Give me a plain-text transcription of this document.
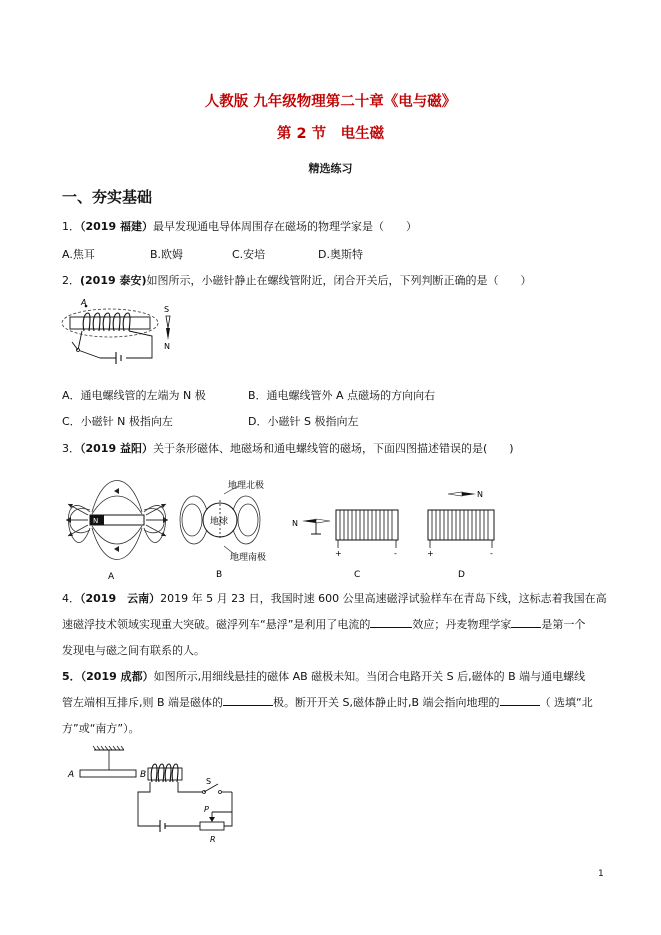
人教版 九年级物理第二十章《电与磁》
第 2 节　电生磁
精选练习
一、夯实基础
1．（2019 福建）最早发现通电导体周围存在磁场的物理学家是（　　）
A.焦耳	B.欧姆	C.安培	D.奥斯特
2．(2019 泰安)如图所示，小磁针静止在螺线管附近，闭合开关后，下列判断正确的是（　　）
A
S
N
A．通电螺线管的左端为 N 极	B．通电螺线管外 A 点磁场的方向向右
C．小磁针 N 极指向左	D．小磁针 S 极指向左
3．（2019 益阳）关于条形磁体、地磁场和通电螺线管的磁场，下面四图描述错误的是(　　)
N
A
地球
地理北极
地理南极
B
N
+	-
C
N
+	-
D
4．（2019　云南）2019 年 5 月 23 日，我国时速 600 公里高速磁浮试验样车在青岛下线，这标志着我国在高
速磁浮技术领域实现重大突破。磁浮列车“悬浮”是利用了电流的	效应；丹麦物理学家	是第一个
发现电与磁之间有联系的人。
5．（2019 成都）如图所示,用细线悬挂的磁体 AB 磁极未知。当闭合电路开关 S 后,磁体的 B 端与通电螺线
管左端相互排斥,则 B 端是磁体的	极。断开开关 S,磁体静止时,B 端会指向地理的	（ 选填“北
方”或“南方”）。
A	B
S
P
R
1
